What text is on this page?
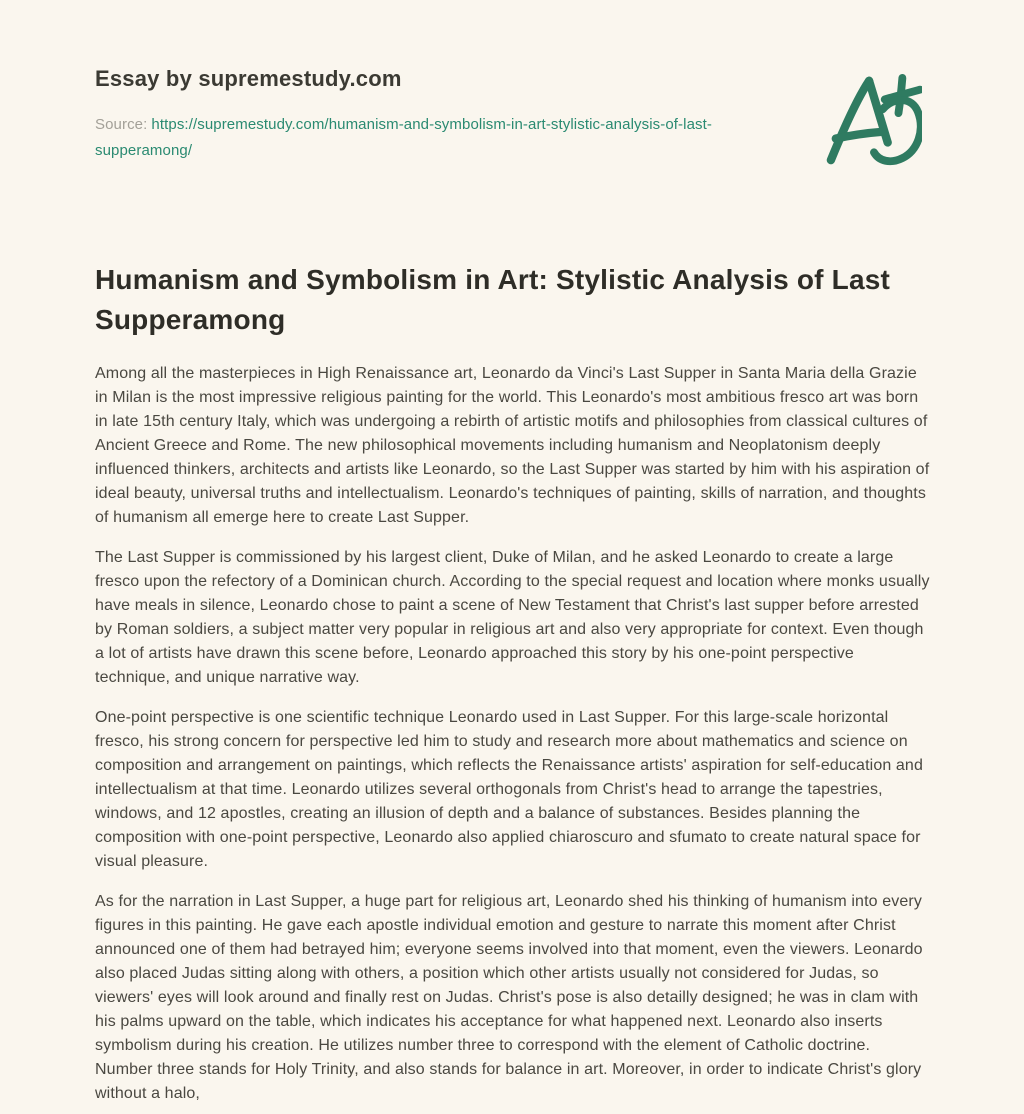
Essay by supremestudy.com

Source: https://supremestudy.com/humanism-and-symbolism-in-art-stylistic-analysis-of-last-supperamong/

Humanism and Symbolism in Art: Stylistic Analysis of Last Supperamong

Among all the masterpieces in High Renaissance art, Leonardo da Vinci's Last Supper in Santa Maria della Grazie in Milan is the most impressive religious painting for the world. This Leonardo's most ambitious fresco art was born in late 15th century Italy, which was undergoing a rebirth of artistic motifs and philosophies from classical cultures of Ancient Greece and Rome. The new philosophical movements including humanism and Neoplatonism deeply influenced thinkers, architects and artists like Leonardo, so the Last Supper was started by him with his aspiration of ideal beauty, universal truths and intellectualism. Leonardo's techniques of painting, skills of narration, and thoughts of humanism all emerge here to create Last Supper.

The Last Supper is commissioned by his largest client, Duke of Milan, and he asked Leonardo to create a large fresco upon the refectory of a Dominican church. According to the special request and location where monks usually have meals in silence, Leonardo chose to paint a scene of New Testament that Christ's last supper before arrested by Roman soldiers, a subject matter very popular in religious art and also very appropriate for context. Even though a lot of artists have drawn this scene before, Leonardo approached this story by his one-point perspective technique, and unique narrative way.

One-point perspective is one scientific technique Leonardo used in Last Supper. For this large-scale horizontal fresco, his strong concern for perspective led him to study and research more about mathematics and science on composition and arrangement on paintings, which reflects the Renaissance artists' aspiration for self-education and intellectualism at that time. Leonardo utilizes several orthogonals from Christ's head to arrange the tapestries, windows, and 12 apostles, creating an illusion of depth and a balance of substances. Besides planning the composition with one-point perspective, Leonardo also applied chiaroscuro and sfumato to create natural space for visual pleasure.

As for the narration in Last Supper, a huge part for religious art, Leonardo shed his thinking of humanism into every figures in this painting. He gave each apostle individual emotion and gesture to narrate this moment after Christ announced one of them had betrayed him; everyone seems involved into that moment, even the viewers. Leonardo also placed Judas sitting along with others, a position which other artists usually not considered for Judas, so viewers' eyes will look around and finally rest on Judas. Christ's pose is also detailly designed; he was in clam with his palms upward on the table, which indicates his acceptance for what happened next. Leonardo also inserts symbolism during his creation. He utilizes number three to correspond with the element of Catholic doctrine. Number three stands for Holy Trinity, and also stands for balance in art. Moreover, in order to indicate Christ's glory without a halo,
